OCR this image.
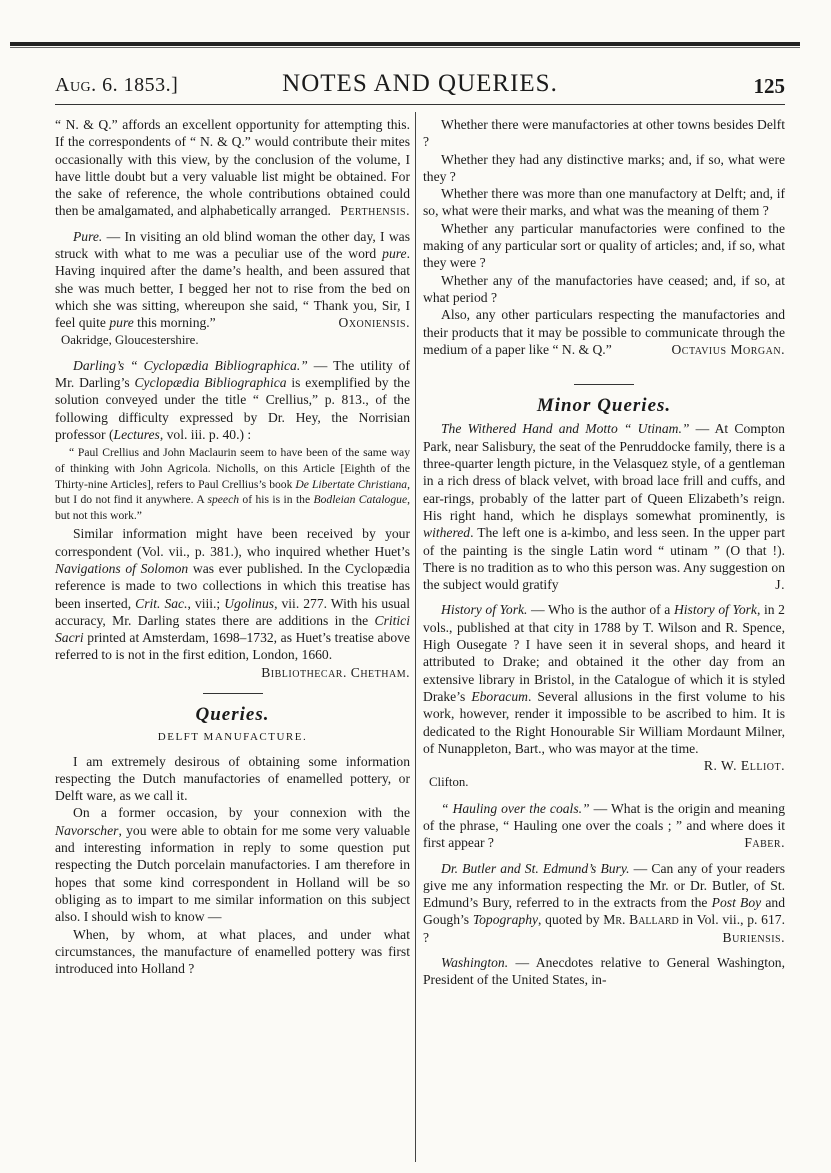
Aug. 6. 1853.]	NOTES AND QUERIES.	125

“ N. & Q.” affords an excellent opportunity for attempting this. If the correspondents of “ N. & Q.” would contribute their mites occasionally with this view, by the conclusion of the volume, I have little doubt but a very valuable list might be obtained. For the sake of reference, the whole contributions obtained could then be amalgamated, and alphabetically arranged. Perthensis.

Pure. — In visiting an old blind woman the other day, I was struck with what to me was a peculiar use of the word pure. Having inquired after the dame’s health, and been assured that she was much better, I begged her not to rise from the bed on which she was sitting, whereupon she said, “ Thank you, Sir, I feel quite pure this morning.”	Oxoniensis.

Oakridge, Gloucestershire.

Darling’s “ Cyclopædia Bibliographica.” — The utility of Mr. Darling’s Cyclopædia Bibliographica is exemplified by the solution conveyed under the title “ Crellius,” p. 813., of the following difficulty expressed by Dr. Hey, the Norrisian professor (Lectures, vol. iii. p. 40.) :

“ Paul Crellius and John Maclaurin seem to have been of the same way of thinking with John Agricola. Nicholls, on this Article [Eighth of the Thirty-nine Articles], refers to Paul Crellius’s book De Libertate Christiana, but I do not find it anywhere. A speech of his is in the Bodleian Catalogue, but not this work.”

Similar information might have been received by your correspondent (Vol. vii., p. 381.), who inquired whether Huet’s Navigations of Solomon was ever published. In the Cyclopædia reference is made to two collections in which this treatise has been inserted, Crit. Sac., viii.; Ugolinus, vii. 277. With his usual accuracy, Mr. Darling states there are additions in the Critici Sacri printed at Amsterdam, 1698–1732, as Huet’s treatise above referred to is not in the first edition, London, 1660.
Bibliothecar. Chetham.

Queries.
DELFT MANUFACTURE.

I am extremely desirous of obtaining some information respecting the Dutch manufactories of enamelled pottery, or Delft ware, as we call it.

On a former occasion, by your connexion with the Navorscher, you were able to obtain for me some very valuable and interesting information in reply to some question put respecting the Dutch porcelain manufactories. I am therefore in hopes that some kind correspondent in Holland will be so obliging as to impart to me similar information on this subject also. I should wish to know —

When, by whom, at what places, and under what circumstances, the manufacture of enamelled pottery was first introduced into Holland ?

Whether there were manufactories at other towns besides Delft ?

Whether they had any distinctive marks; and, if so, what were they ?

Whether there was more than one manufactory at Delft; and, if so, what were their marks, and what was the meaning of them ?

Whether any particular manufactories were confined to the making of any particular sort or quality of articles; and, if so, what they were ?

Whether any of the manufactories have ceased; and, if so, at what period ?

Also, any other particulars respecting the manufactories and their products that it may be possible to communicate through the medium of a paper like “ N. & Q.”	Octavius Morgan.

Minor Queries.

The Withered Hand and Motto “ Utinam.” — At Compton Park, near Salisbury, the seat of the Penruddocke family, there is a three-quarter length picture, in the Velasquez style, of a gentleman in a rich dress of black velvet, with broad lace frill and cuffs, and ear-rings, probably of the latter part of Queen Elizabeth’s reign. His right hand, which he displays somewhat prominently, is withered. The left one is a-kimbo, and less seen. In the upper part of the painting is the single Latin word “ utinam ” (O that !). There is no tradition as to who this person was. Any suggestion on the subject would gratify	J.

History of York. — Who is the author of a History of York, in 2 vols., published at that city in 1788 by T. Wilson and R. Spence, High Ousegate ? I have seen it in several shops, and heard it attributed to Drake; and obtained it the other day from an extensive library in Bristol, in the Catalogue of which it is styled Drake’s Eboracum. Several allusions in the first volume to his work, however, render it impossible to be ascribed to him. It is dedicated to the Right Honourable Sir William Mordaunt Milner, of Nunappleton, Bart., who was mayor at the time.
R. W. Elliot.

Clifton.

“ Hauling over the coals.” — What is the origin and meaning of the phrase, “ Hauling one over the coals ; ” and where does it first appear ?	Faber.

Dr. Butler and St. Edmund’s Bury. — Can any of your readers give me any information respecting the Mr. or Dr. Butler, of St. Edmund’s Bury, referred to in the extracts from the Post Boy and Gough’s Topography, quoted by Mr. Ballard in Vol. vii., p. 617. ?	Buriensis.

Washington. — Anecdotes relative to General Washington, President of the United States, in-
